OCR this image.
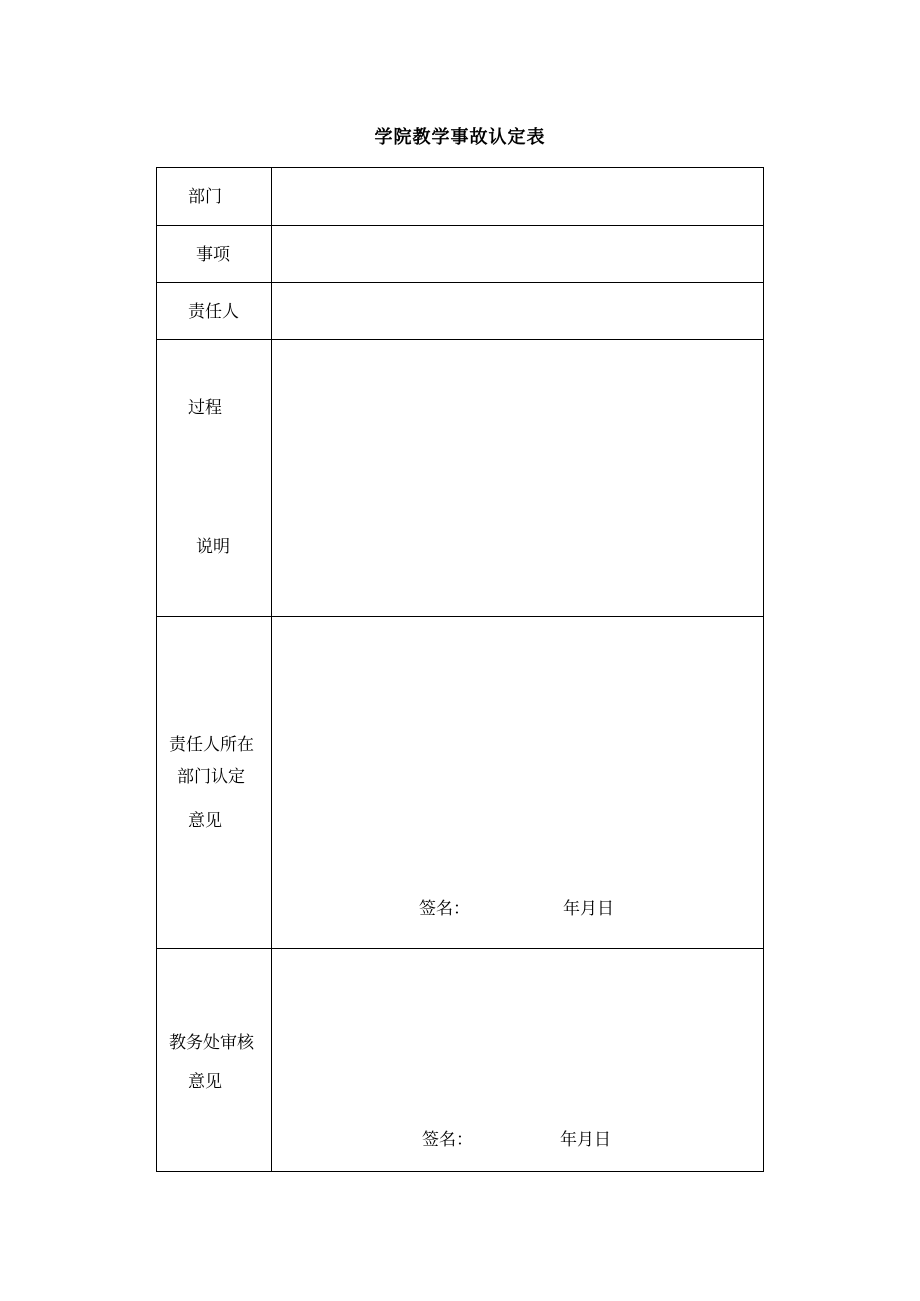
学院教学事故认定表
部门
事项
责任人
过程
说明
责任人所在
部门认定
意见
签名：	年月日
教务处审核
意见
签名：	年月日
